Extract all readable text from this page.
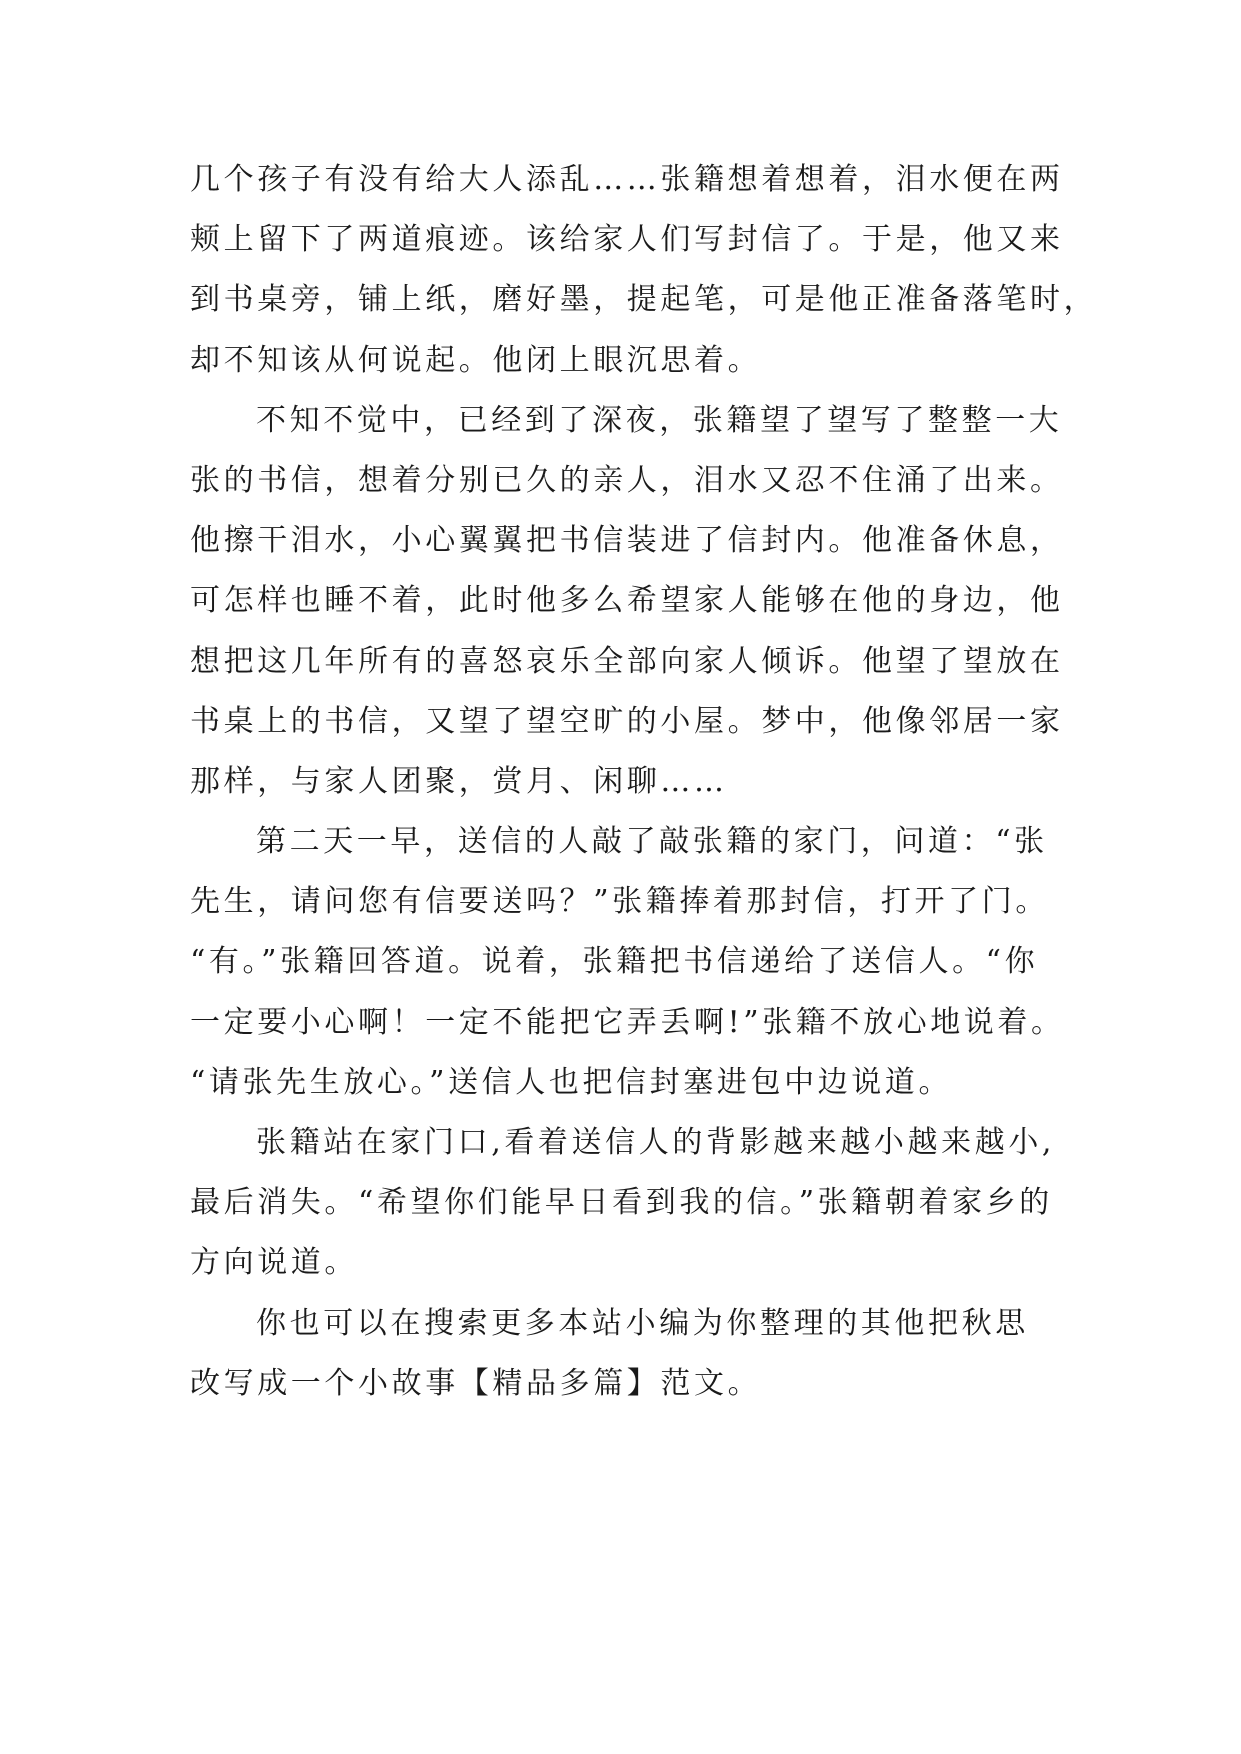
几个孩子有没有给大人添乱……张籍想着想着，泪水便在两
颊上留下了两道痕迹。该给家人们写封信了。于是，他又来
到书桌旁，铺上纸，磨好墨，提起笔，可是他正准备落笔时，
却不知该从何说起。他闭上眼沉思着。
不知不觉中，已经到了深夜，张籍望了望写了整整一大
张的书信，想着分别已久的亲人，泪水又忍不住涌了出来。
他擦干泪水，小心翼翼把书信装进了信封内。他准备休息，
可怎样也睡不着，此时他多么希望家人能够在他的身边，他
想把这几年所有的喜怒哀乐全部向家人倾诉。他望了望放在
书桌上的书信，又望了望空旷的小屋。梦中，他像邻居一家
那样，与家人团聚，赏月、闲聊……
第二天一早，送信的人敲了敲张籍的家门，问道：“张
先生，请问您有信要送吗？”张籍捧着那封信，打开了门。
“有。”张籍回答道。说着，张籍把书信递给了送信人。“你
一定要小心啊！一定不能把它弄丢啊!”张籍不放心地说着。
“请张先生放心。”送信人也把信封塞进包中边说道。
张籍站在家门口,看着送信人的背影越来越小越来越小,
最后消失。“希望你们能早日看到我的信。”张籍朝着家乡的
方向说道。
你也可以在搜索更多本站小编为你整理的其他把秋思
改写成一个小故事【精品多篇】范文。
